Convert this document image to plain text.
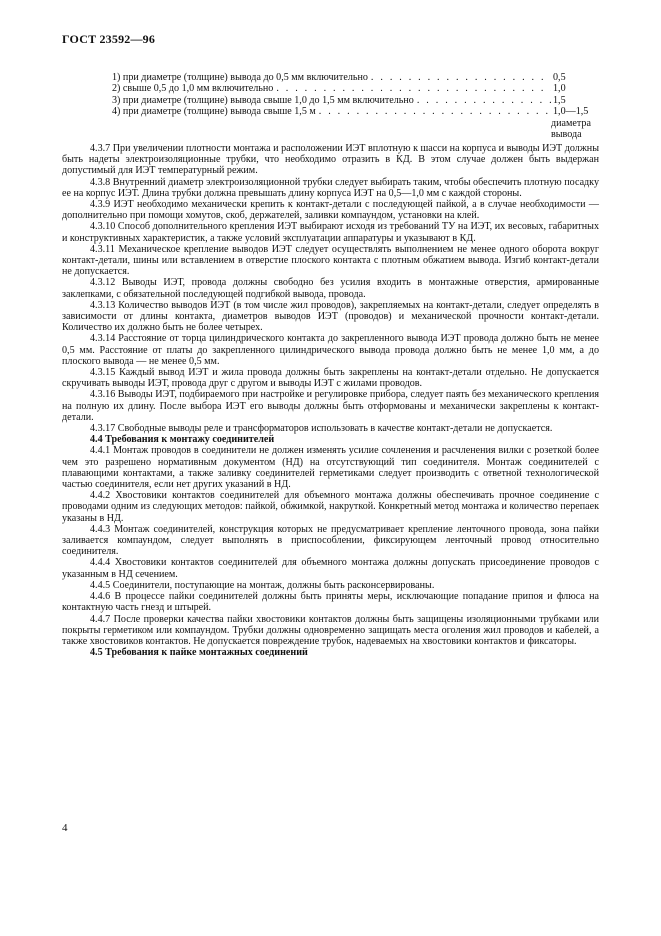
ГОСТ 23592—96
1) при диаметре (толщине) вывода до 0,5 мм включительно . . .	0,5
2) свыше 0,5 до 1,0 мм включительно . . .	1,0
3) при диаметре (толщине) вывода свыше 1,0 до 1,5 мм включительно . . .	1,5
4) при диаметре (толщине) вывода свыше 1,5 м . . .	1,0—1,5
диаметра
вывода

4.3.7 При увеличении плотности монтажа и расположении ИЭТ вплотную к шасси на корпуса и выводы ИЭТ должны быть надеты электроизоляционные трубки, что необходимо отразить в КД. В этом случае должен быть выдержан допустимый для ИЭТ температурный режим.

4.3.8 Внутренний диаметр электроизоляционной трубки следует выбирать таким, чтобы обеспечить плотную посадку ее на корпус ИЭТ. Длина трубки должна превышать длину корпуса ИЭТ на 0,5—1,0 мм с каждой стороны.

4.3.9 ИЭТ необходимо механически крепить к контакт-детали с последующей пайкой, а в случае необходимости — дополнительно при помощи хомутов, скоб, держателей, заливки компаундом, установки на клей.

4.3.10 Способ дополнительного крепления ИЭТ выбирают исходя из требований ТУ на ИЭТ, их весовых, габаритных и конструктивных характеристик, а также условий эксплуатации аппаратуры и указывают в КД.

4.3.11 Механическое крепление выводов ИЭТ следует осуществлять выполнением не менее одного оборота вокруг контакт-детали, шины или вставлением в отверстие плоского контакта с плотным обжатием вывода. Изгиб контакт-детали не допускается.

4.3.12 Выводы ИЭТ, провода должны свободно без усилия входить в монтажные отверстия, армированные заклепками, с обязательной последующей подгибкой вывода, провода.

4.3.13 Количество выводов ИЭТ (в том числе жил проводов), закрепляемых на контакт-детали, следует определять в зависимости от длины контакта, диаметров выводов ИЭТ (проводов) и механической прочности контакт-детали. Количество их должно быть не более четырех.

4.3.14 Расстояние от торца цилиндрического контакта до закрепленного вывода ИЭТ провода должно быть не менее 0,5 мм. Расстояние от платы до закрепленного цилиндрического вывода провода должно быть не менее 1,0 мм, а до плоского вывода — не менее 0,5 мм.

4.3.15 Каждый вывод ИЭТ и жила провода должны быть закреплены на контакт-детали отдельно. Не допускается скручивать выводы ИЭТ, провода друг с другом и выводы ИЭТ с жилами проводов.

4.3.16 Выводы ИЭТ, подбираемого при настройке и регулировке прибора, следует паять без механического крепления на полную их длину. После выбора ИЭТ его выводы должны быть отформованы и механически закреплены к контакт-детали.

4.3.17 Свободные выводы реле и трансформаторов использовать в качестве контакт-детали не допускается.

4.4 Требования к монтажу соединителей

4.4.1 Монтаж проводов в соединители не должен изменять усилие сочленения и расчленения вилки с розеткой более чем это разрешено нормативным документом (НД) на отсутствующий тип соединителя. Монтаж соединителей с плавающими контактами, а также заливку соединителей герметиками следует производить с ответной технологической частью соединителя, если нет других указаний в НД.

4.4.2 Хвостовики контактов соединителей для объемного монтажа должны обеспечивать прочное соединение с проводами одним из следующих методов: пайкой, обжимкой, накруткой. Конкретный метод монтажа и количество перепаек указаны в НД.

4.4.3 Монтаж соединителей, конструкция которых не предусматривает крепление ленточного провода, зона пайки заливается компаундом, следует выполнять в приспособлении, фиксирующем ленточный провод относительно соединителя.

4.4.4 Хвостовики контактов соединителей для объемного монтажа должны допускать присоединение проводов с указанным в НД сечением.

4.4.5 Соединители, поступающие на монтаж, должны быть расконсервированы.

4.4.6 В процессе пайки соединителей должны быть приняты меры, исключающие попадание припоя и флюса на контактную часть гнезд и штырей.

4.4.7 После проверки качества пайки хвостовики контактов должны быть защищены изоляционными трубками или покрыты герметиком или компаундом. Трубки должны одновременно защищать места оголения жил проводов и кабелей, а также хвостовиков контактов. Не допускается повреждение трубок, надеваемых на хвостовики контактов и фиксаторы.

4.5 Требования к пайке монтажных соединений

4
